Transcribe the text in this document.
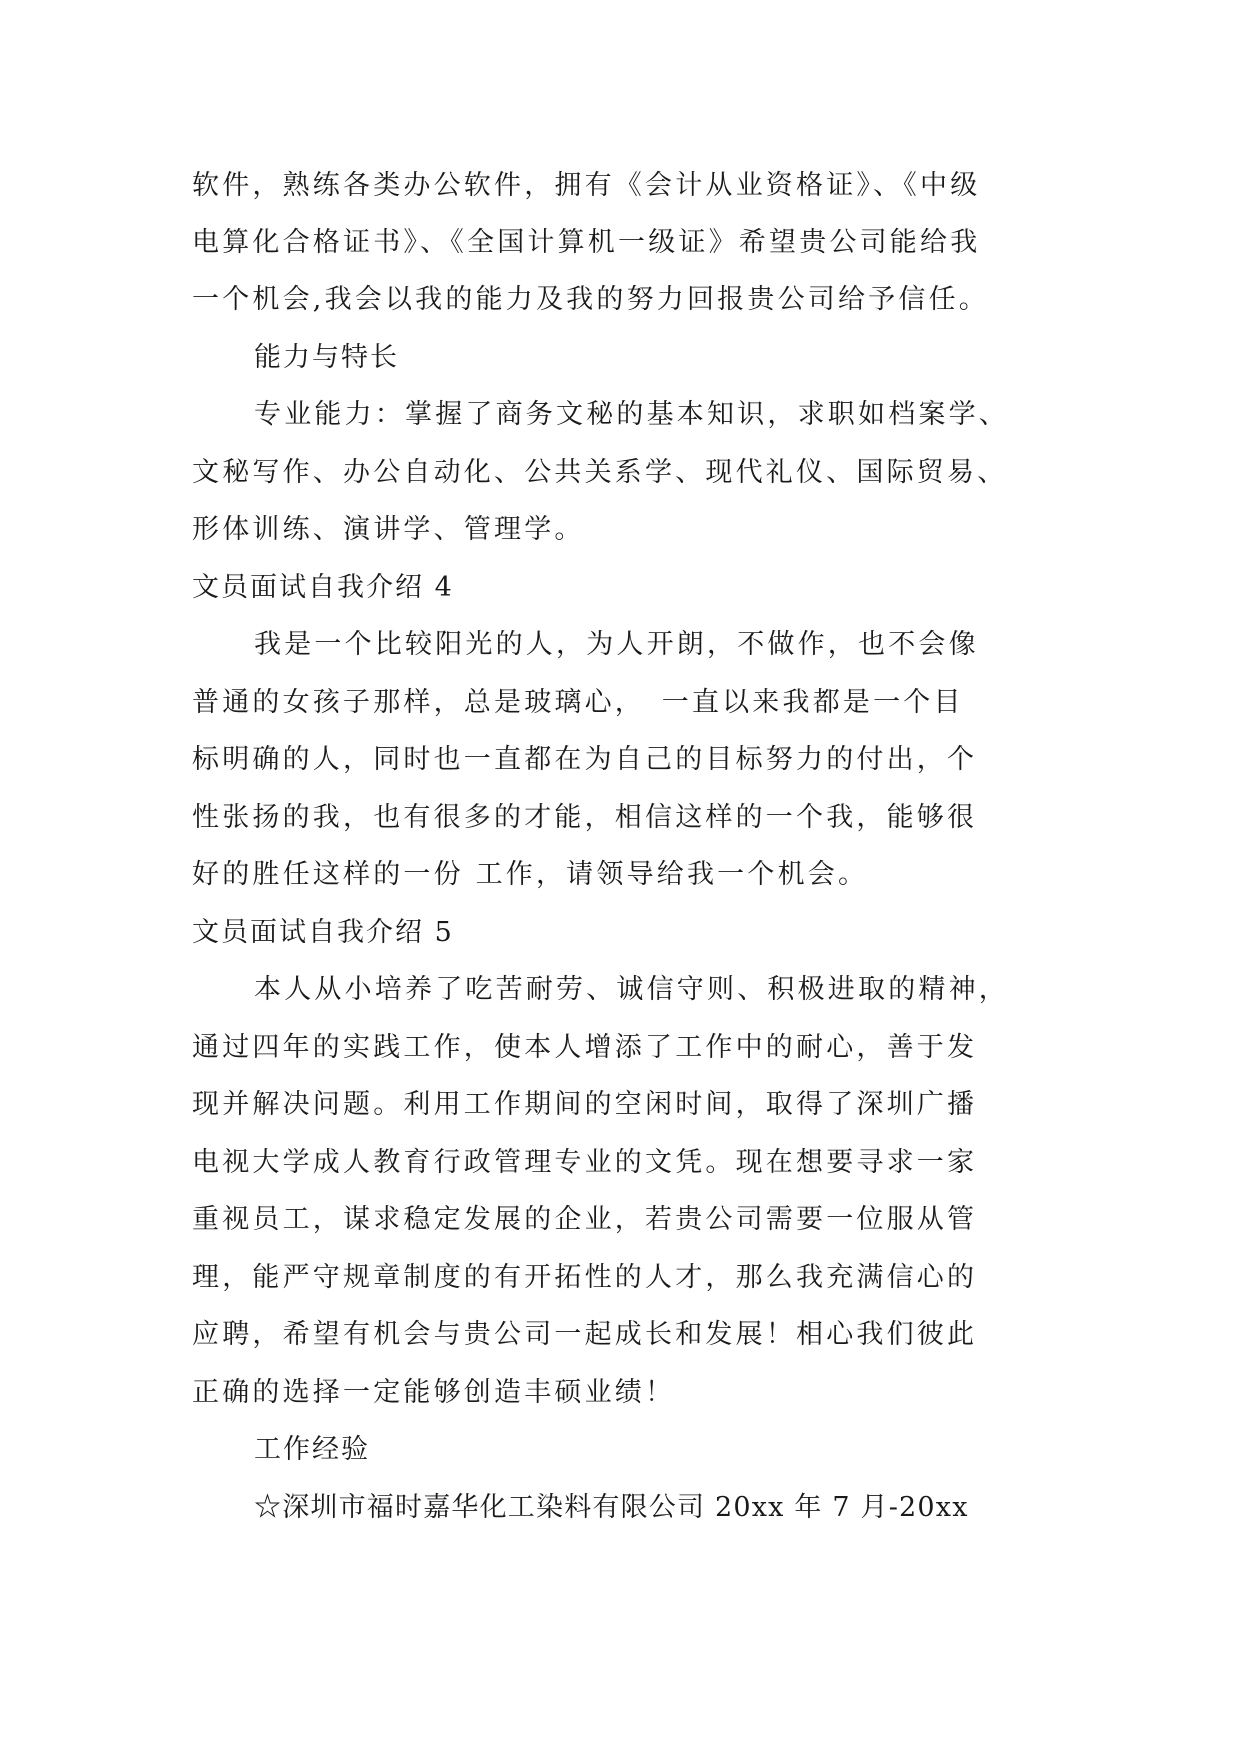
软件，熟练各类办公软件，拥有《会计从业资格证》、《中级
电算化合格证书》、《全国计算机一级证》希望贵公司能给我
一个机会,我会以我的能力及我的努力回报贵公司给予信任。
能力与特长
专业能力：掌握了商务文秘的基本知识，求职如档案学、
文秘写作、办公自动化、公共关系学、现代礼仪、国际贸易、
形体训练、演讲学、管理学。
文员面试自我介绍 4
我是一个比较阳光的人，为人开朗，不做作，也不会像
普通的女孩子那样，总是玻璃心，　一直以来我都是一个目
标明确的人，同时也一直都在为自己的目标努力的付出，个
性张扬的我，也有很多的才能，相信这样的一个我，能够很
好的胜任这样的一份 工作，请领导给我一个机会。
文员面试自我介绍 5
本人从小培养了吃苦耐劳、诚信守则、积极进取的精神，
通过四年的实践工作，使本人增添了工作中的耐心，善于发
现并解决问题。利用工作期间的空闲时间，取得了深圳广播
电视大学成人教育行政管理专业的文凭。现在想要寻求一家
重视员工，谋求稳定发展的企业，若贵公司需要一位服从管
理，能严守规章制度的有开拓性的人才，那么我充满信心的
应聘，希望有机会与贵公司一起成长和发展！相心我们彼此
正确的选择一定能够创造丰硕业绩！
工作经验
☆深圳市福时嘉华化工染料有限公司 20xx 年 7 月-20xx
